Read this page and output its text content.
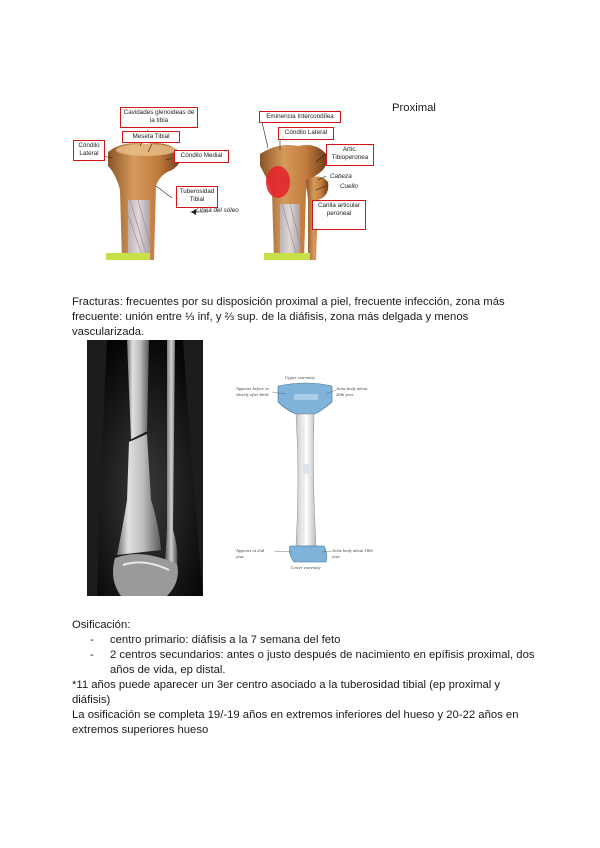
Proximal
Cavidades glenoideas de la tibia
Meseta Tibial
Cóndilo Lateral	Cóndilo Medial
Tuberosidad Tibial
Línea del sóleo
Eminencia Intercondílea
Cóndilo Lateral
Artic. Tibioperonea
Cabeza
Cuello
Carilla articular peroneal
Fracturas: frecuentes por su disposición proximal a piel, frecuente infección, zona más
frecuente: unión entre ⅓ inf, y ⅔ sup. de la diáfisis, zona más delgada y menos
vascularizada.
Upper extremity
Appears before or shortly after birth
Joins body about 20th year
Appears at 2nd year
Joins body about 18th year
Lower extremity
Osificación:
- centro primario: diáfisis a la 7 semana del feto
- 2 centros secundarios: antes o justo después de nacimiento en epífisis proximal, dos
años de vida, ep distal.
*11 años puede aparecer un 3er centro asociado a la tuberosidad tibial (ep proximal y
diáfisis)
La osificación se completa 19/-19 años en extremos inferiores del hueso y 20-22 años en
extremos superiores hueso
